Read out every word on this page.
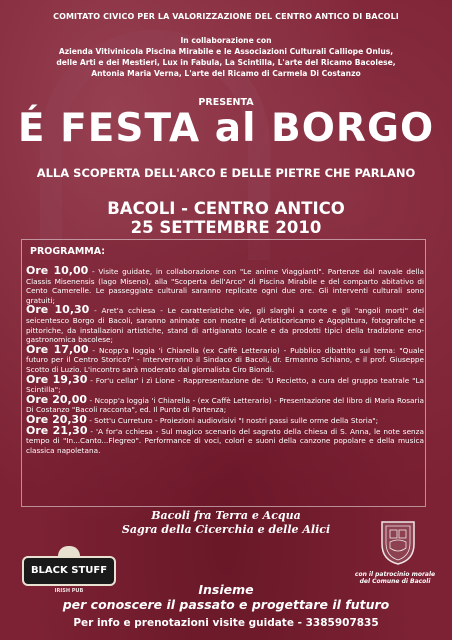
COMITATO CIVICO PER LA VALORIZZAZIONE DEL CENTRO ANTICO DI BACOLI
In collaborazione con
Azienda Vitivinicola Piscina Mirabile e le Associazioni Culturali Calliope Onlus,
delle Arti e dei Mestieri, Lux in Fabula, La Scintilla, L'arte del Ricamo Bacolese,
Antonia Maria Verna, L'arte del Ricamo di Carmela Di Costanzo
PRESENTA
É FESTA al BORGO
ALLA SCOPERTA DELL'ARCO E DELLE PIETRE CHE PARLANO
BACOLI - CENTRO ANTICO
25 SETTEMBRE 2010
PROGRAMMA:
Ore 10,00 - Visite guidate, in collaborazione con "Le anime Viaggianti". Partenze dal navale della Classis Misenensis (lago Miseno), alla "Scoperta dell'Arco" di Piscina Mirabile e del comparto abitativo di Cento Camerelle. Le passeggiate culturali saranno replicate ogni due ore. Gli interventi culturali sono gratuiti;
Ore 10,30 - Aret'a cchiesa - Le caratteristiche vie, gli slarghi a corte e gli "angoli morti" del seicentesco Borgo di Bacoli, saranno animate con mostre di Artisticoricamo e Agopittura, fotografiche e pittoriche, da installazioni artistiche, stand di artigianato locale e da prodotti tipici della tradizione eno-gastronomica bacolese;
Ore 17,00 - Ncopp'a loggia 'i Chiarella (ex Caffè Letterario) - Pubblico dibattito sul tema: "Quale futuro per il Centro Storico?" - Interverranno il Sindaco di Bacoli, dr. Ermanno Schiano, e il prof. Giuseppe Scotto di Luzio. L'incontro sarà moderato dal giornalista Ciro Biondi.
Ore 19,30 - For'u cellar' i zì Lione - Rappresentazione de: 'U Recietto, a cura del gruppo teatrale "La Scintilla";
Ore 20,00 - Ncopp'a loggia 'i Chiarella - (ex Caffè Letterario) - Presentazione del libro di Maria Rosaria Di Costanzo "Bacoli racconta", ed. Il Punto di Partenza;
Ore 20,30 - Sott'u Curreturo - Proiezioni audiovisivi "I nostri passi sulle orme della Storia";
Ore 21,30 - 'A for'a cchiesa - Sul magico scenario del sagrato della chiesa di S. Anna, le note senza tempo di "In...Canto...Flegreo". Performance di voci, colori e suoni della canzone popolare e della musica classica napoletana.
Bacoli fra Terra e Acqua
Sagra della Cicerchia e delle Alici
BLACK STUFF
IRISH PUB
con il patrocinio morale
del Comune di Bacoli
Insieme
per conoscere il passato e progettare il futuro
Per info e prenotazioni visite guidate - 3385907835
